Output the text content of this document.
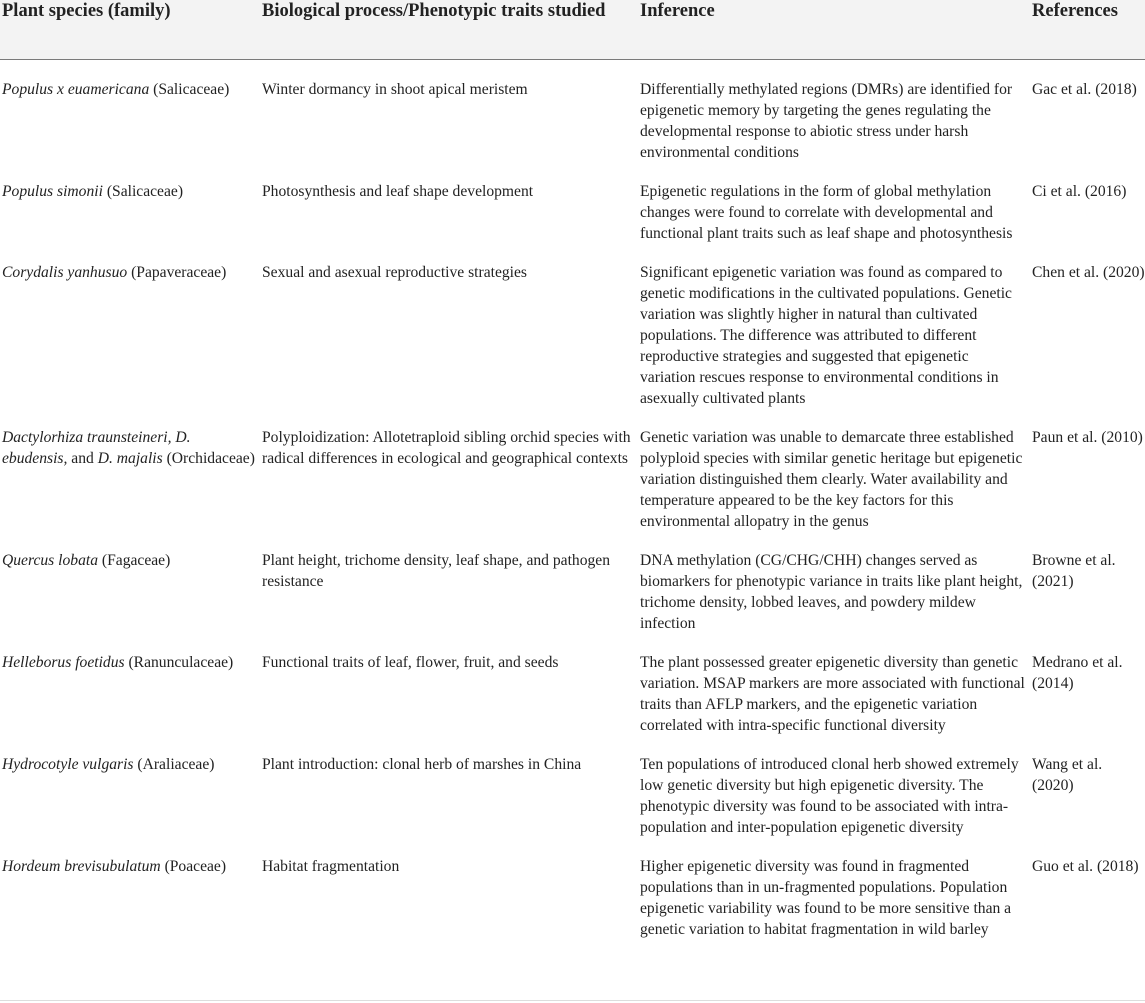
Plant species (family)	Biological process/Phenotypic traits studied	Inference	References

Populus x euamericana (Salicaceae)	Winter dormancy in shoot apical meristem	Differentially methylated regions (DMRs) are identified for epigenetic memory by targeting the genes regulating the developmental response to abiotic stress under harsh environmental conditions	Gac et al. (2018)
Populus simonii (Salicaceae)	Photosynthesis and leaf shape development	Epigenetic regulations in the form of global methylation changes were found to correlate with developmental and functional plant traits such as leaf shape and photosynthesis	Ci et al. (2016)
Corydalis yanhusuo (Papaveraceae)	Sexual and asexual reproductive strategies	Significant epigenetic variation was found as compared to genetic modifications in the cultivated populations. Genetic variation was slightly higher in natural than cultivated populations. The difference was attributed to different reproductive strategies and suggested that epigenetic variation rescues response to environmental conditions in asexually cultivated plants	Chen et al. (2020)
Dactylorhiza traunsteineri, D. ebudensis, and D. majalis (Orchidaceae)	Polyploidization: Allotetraploid sibling orchid species with radical differences in ecological and geographical contexts	Genetic variation was unable to demarcate three established polyploid species with similar genetic heritage but epigenetic variation distinguished them clearly. Water availability and temperature appeared to be the key factors for this environmental allopatry in the genus	Paun et al. (2010)
Quercus lobata (Fagaceae)	Plant height, trichome density, leaf shape, and pathogen resistance	DNA methylation (CG/CHG/CHH) changes served as biomarkers for phenotypic variance in traits like plant height, trichome density, lobbed leaves, and powdery mildew infection	Browne et al. (2021)
Helleborus foetidus (Ranunculaceae)	Functional traits of leaf, flower, fruit, and seeds	The plant possessed greater epigenetic diversity than genetic variation. MSAP markers are more associated with functional traits than AFLP markers, and the epigenetic variation correlated with intra-specific functional diversity	Medrano et al. (2014)
Hydrocotyle vulgaris (Araliaceae)	Plant introduction: clonal herb of marshes in China	Ten populations of introduced clonal herb showed extremely low genetic diversity but high epigenetic diversity. The phenotypic diversity was found to be associated with intra-population and inter-population epigenetic diversity	Wang et al. (2020)
Hordeum brevisubulatum (Poaceae)	Habitat fragmentation	Higher epigenetic diversity was found in fragmented populations than in un-fragmented populations. Population epigenetic variability was found to be more sensitive than a genetic variation to habitat fragmentation in wild barley	Guo et al. (2018)
